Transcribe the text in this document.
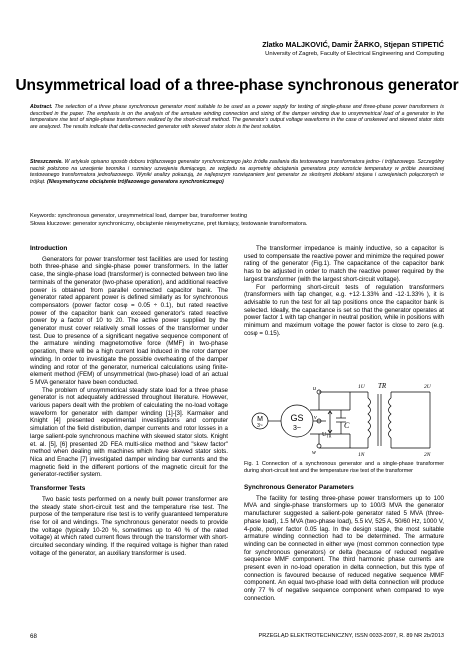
Zlatko MALJKOVIĆ, Damir ŽARKO, Stjepan STIPETIĆ
University of Zagreb, Faculty of Electrical Engineering and Computing
Unsymmetrical load of a three-phase synchronous generator
Abstract. The selection of a three phase synchronous generator most suitable to be used as a power supply for testing of single-phase and three-phase power transformers is described in the paper. The emphasis is on the analysis of the armature winding connection and sizing of the damper winding due to unsymmetrical load of a generator in the temperature rise test of single-phase transformers realized by the short-circuit method. The generator's output voltage waveforms in the case of unskewed and skewed stator slots are analyzed. The results indicate that delta-connected generator with skewed stator slots is the best solution.
Streszczenie. W artykule opisano sposób doboru trójfazowego generator synchronicznego jako źródła zasilania dla testowanego transformatora jedno- i trójfazowego. Szczególny nacisk położono na uzwojenie twornika i rozmiary uzwojenia tłumiącego, ze względu na asymetrię obciążenia generatora przy wzroście temperatury w próbie zwarciowej testowanego transformatora jednofazowego. Wyniki analizy pokazują, że najlepszym rozwiązaniem jest generator ze skośnymi żłobkami stojana i uzwojeniach połączonych w trójkąt. (Niesymetryczne obciążenie trójfazowego generatora synchronicznego)
Keywords: synchronous generator, unsymmetrical load, damper bar, transformer testing
Słowa kluczowe: generator synchroniczny, obciążenie niesymetryczne, pręt tłumiący, testowanie transformatora.
Introduction

Generators for power transformer test facilities are used for testing both three-phase and single-phase power transformers. In the latter case, the single-phase load (transformer) is connected between two line terminals of the generator (two-phase operation), and additional reactive power is obtained from parallel connected capacitor bank. The generator rated apparent power is defined similarly as for synchronous compensators (power factor cosφ = 0.05 ÷ 0.1), but rated reactive power of the capacitor bank can exceed generator's rated reactive power by a factor of 10 to 20. The active power supplied by the generator must cover relatively small losses of the transformer under test. Due to presence of a significant negative sequence component of the armature winding magnetomotive force (MMF) in two-phase operation, there will be a high current load induced in the rotor damper winding. In order to investigate the possible overheating of the damper winding and rotor of the generator, numerical calculations using finite-element method (FEM) of unsymmetrical (two-phase) load of an actual 5 MVA generator have been conducted.

The problem of unsymmetrical steady state load for a three phase generator is not adequately addressed throughout literature. However, various papers dealt with the problem of calculating the no-load voltage waveform for generator with damper winding [1]-[3]. Karmaker and Knight [4] presented experimental investigations and computer simulation of the field distribution, damper currents and rotor losses in a large salient-pole synchronous machine with skewed stator slots. Knight et. al. [5], [6] presented 2D FEA multi-slice method and "skew factor" method when dealing with machines which have skewed stator slots. Nica and Enache [7] investigated damper winding bar currents and the magnetic field in the different portions of the magnetic circuit for the generator-rectifier system.

Transformer Tests

Two basic tests performed on a newly built power transformer are the steady state short-circuit test and the temperature rise test. The purpose of the temperature rise test is to verify guaranteed temperature rise for oil and windings. The synchronous generator needs to provide the voltage (typically 10-20 %, sometimes up to 40 % of the rated voltage) at which rated current flows through the transformer with short-circuited secondary winding. If the required voltage is higher than rated voltage of the generator, an auxiliary transformer is used.

The transformer impedance is mainly inductive, so a capacitor is used to compensate the reactive power and minimize the required power rating of the generator (Fig.1). The capacitance of the capacitor bank has to be adjusted in order to match the reactive power required by the largest transformer (with the largest short-circuit voltage).

For performing short-circuit tests of regulation transformers (transformers with tap changer, e.g. +12·1.33% and -12·1.33% ), it is advisable to run the test for all tap positions once the capacitor bank is selected. Ideally, the capacitance is set so that the generator operates at power factor 1 with tap changer in neutral position, while in positions with minimum and maximum voltage the power factor is close to zero (e.g. cosφ = 0.15).

M
3~
GS
3~
u
v
w
C
$U_{TR}$
TR
1U
1N
2U
2N
Fig. 1 Connection of a synchronous generator and a single-phase transformer during short-circuit test and the temperature rise test of the transformer
Synchronous Generator Parameters

The facility for testing three-phase power transformers up to 100 MVA and single-phase transformers up to 100/3 MVA the generator manufacturer suggested a salient-pole generator rated 5 MVA (three-phase load), 1.5 MVA (two-phase load), 5.5 kV, 525 A, 50/60 Hz, 1000 V, 4-pole, power factor 0.05 lag. In the design stage, the most suitable armature winding connection had to be determined. The armature winding can be connected in either wye (most common connection type for synchronous generators) or delta (because of reduced negative sequence MMF component. The third harmonic phase currents are present even in no-load operation in delta connection, but this type of connection is favoured because of reduced negative sequence MMF component. An equal two-phase load with delta connection will produce only 77 % of negative sequence component when compared to wye connection.

68	PRZEGLĄD ELEKTROTECHNICZNY, ISSN 0033-2097, R. 89 NR 2b/2013
